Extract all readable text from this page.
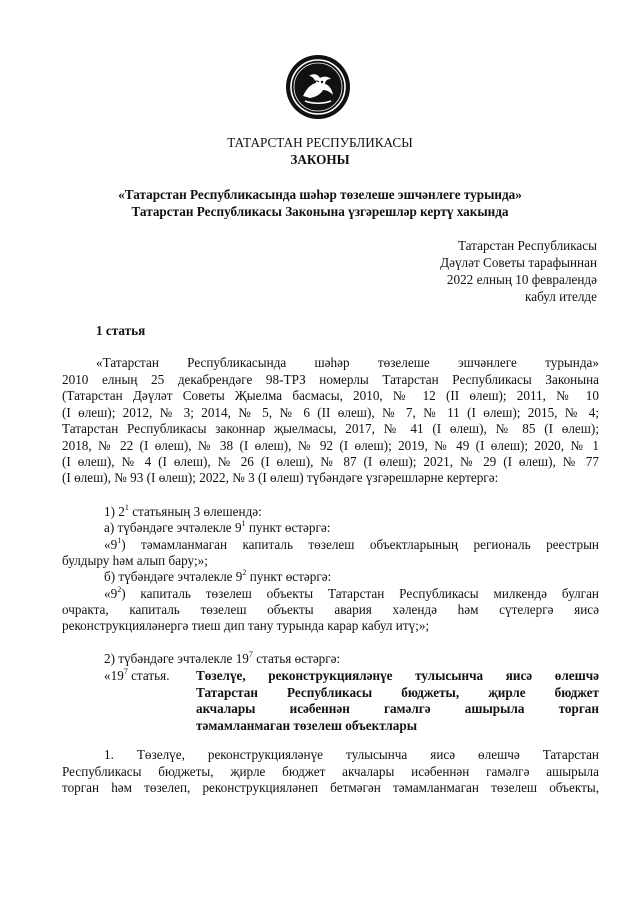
ТАТАРСТАН РЕСПУБЛИКАСЫ
ЗАКОНЫ
«Татарстан Республикасында шәһәр төзелеше эшчәнлеге турында»
Татарстан Республикасы Законына үзгәрешләр кертү хакында
Татарстан Республикасы
Дәүләт Советы тарафыннан
2022 елның 10 февралендә
кабул ителде
1 статья
«Татарстан Республикасында шәһәр төзелеше эшчәнлеге турында»
2010 елның 25 декабрендәге 98-ТРЗ номерлы Татарстан Республикасы Законына
(Татарстан Дәүләт Советы Җыелма басмасы, 2010, № 12 (II өлеш); 2011, № 10
(I өлеш); 2012, № 3; 2014, № 5, № 6 (II өлеш), № 7, № 11 (I өлеш); 2015, № 4;
Татарстан Республикасы законнар җыелмасы, 2017, № 41 (I өлеш), № 85 (I өлеш);
2018, № 22 (I өлеш), № 38 (I өлеш), № 92 (I өлеш); 2019, № 49 (I өлеш); 2020, № 1
(I өлеш), № 4 (I өлеш), № 26 (I өлеш), № 87 (I өлеш); 2021, № 29 (I өлеш), № 77
(I өлеш), № 93 (I өлеш); 2022, № 3 (I өлеш) түбәндәге үзгәрешләрне кертергә:
1) $2^1$ статьяның 3 өлешендә:
а) түбәндәге эчтәлекле $9^1$ пункт өстәргә:
«$9^1$) тәмамланмаган капиталь төзелеш объектларының региональ реестрын
булдыру һәм алып бару;»;
б) түбәндәге эчтәлекле $9^2$ пункт өстәргә:
«$9^2$) капиталь төзелеш объекты Татарстан Республикасы милкендә булган
очракта, капиталь төзелеш объекты авария хәлендә һәм сүтелергә яисә
реконструкцияләнергә тиеш дип тану турында карар кабул итү;»;
2) түбәндәге эчтәлекле $19^7$ статья өстәргә:
«$19^7$ статья. Төзелүе, реконструкцияләнүе тулысынча яисә өлешчә
Татарстан Республикасы бюджеты, җирле бюджет
акчалары исәбеннән гамәлгә ашырыла торган
тәмамланмаган төзелеш объектлары
1. Төзелүе, реконструкцияләнүе тулысынча яисә өлешчә Татарстан
Республикасы бюджеты, җирле бюджет акчалары исәбеннән гамәлгә ашырыла
торган һәм төзелеп, реконструкцияләнеп бетмәгән тәмамланмаган төзелеш объекты,
